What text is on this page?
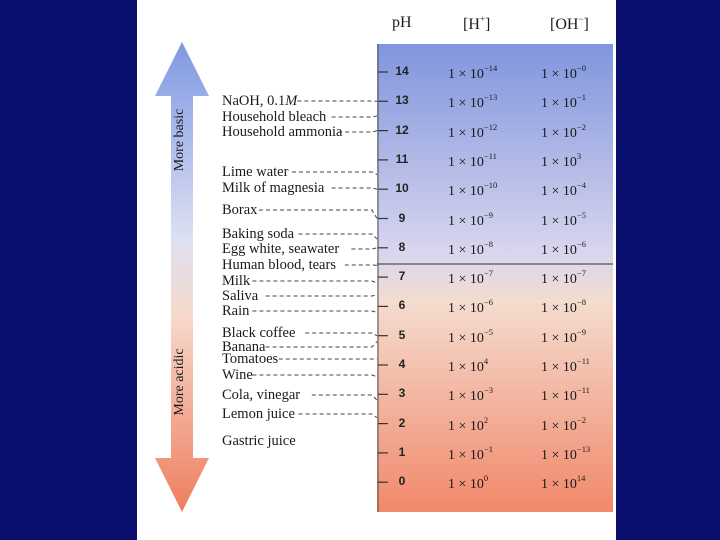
pH	[H+]	[OH−]
More basic
More acidic
14	$1 \times 10^{-14}$	$1 \times 10^{-0}$
13	$1 \times 10^{-13}$	$1 \times 10^{-1}$
12	$1 \times 10^{-12}$	$1 \times 10^{-2}$
11	$1 \times 10^{-11}$	$1 \times 10^3$
10	$1 \times 10^{-10}$	$1 \times 10^{-4}$
9	$1 \times 10^{-9}$	$1 \times 10^{-5}$
8	$1 \times 10^{-8}$	$1 \times 10^{-6}$
7	$1 \times 10^{-7}$	$1 \times 10^{-7}$
6	$1 \times 10^{-6}$	$1 \times 10^{-8}$
5	$1 \times 10^{-5}$	$1 \times 10^{-9}$
4	$1 \times 10^4$	$1 \times 10^{-11}$
3	$1 \times 10^{-3}$	$1 \times 10^{-11}$
2	$1 \times 10^2$	$1 \times 10^{-2}$
1	$1 \times 10^{-1}$	$1 \times 10^{-13}$
0	$1 \times 10^0$	$1 \times 10^{14}$
NaOH, 0.1M
Household bleach
Household ammonia
Lime water
Milk of magnesia
Borax
Baking soda
Egg white, seawater
Human blood, tears
Milk
Saliva
Rain
Black coffee
Banana
Tomatoes
Wine
Cola, vinegar
Lemon juice
Gastric juice
